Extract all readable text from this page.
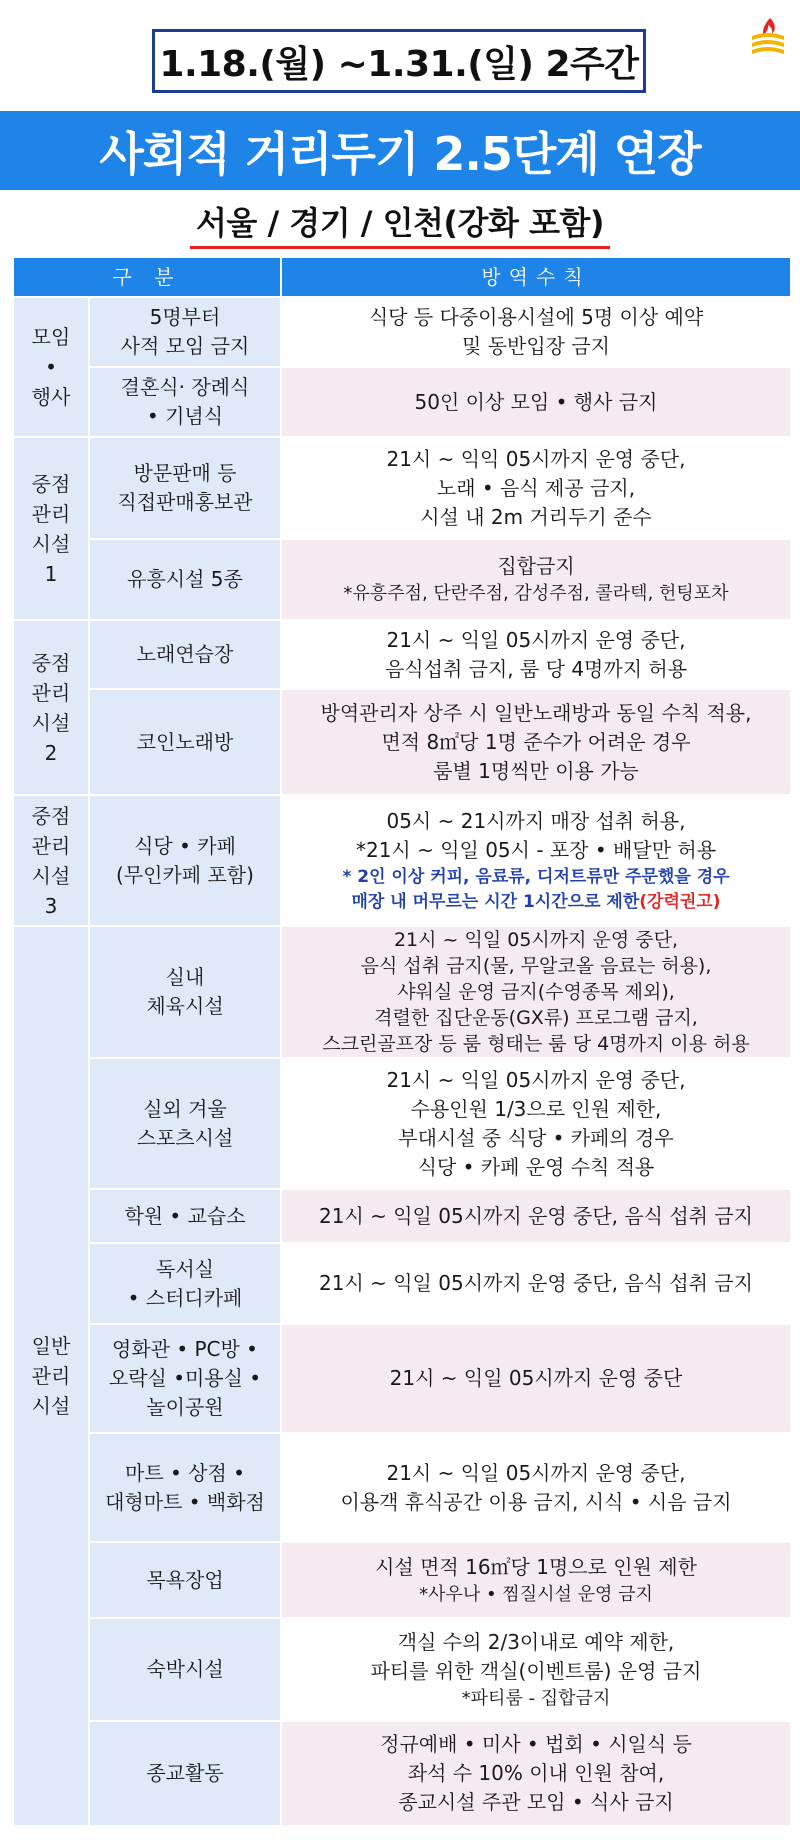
1.18.(월) ~1.31.(일) 2주간
사회적 거리두기 2.5단계 연장
서울 / 경기 / 인천(강화 포함)
구 분	방역수칙
모임
•
행사
중점
관리
시설
1
중점
관리
시설
2
중점
관리
시설
3
일반
관리
시설
5명부터
사적 모임 금지
식당 등 다중이용시설에 5명 이상 예약
및 동반입장 금지
결혼식· 장례식
• 기념식
50인 이상 모임 • 행사 금지
방문판매 등
직접판매홍보관
21시 ~ 익익 05시까지 운영 중단,
노래 • 음식 제공 금지,
시설 내 2m 거리두기 준수
유흥시설 5종
집합금지
*유흥주점, 단란주점, 감성주점, 콜라텍, 헌팅포차
노래연습장
21시 ~ 익일 05시까지 운영 중단,
음식섭취 금지, 룸 당 4명까지 허용
코인노래방
방역관리자 상주 시 일반노래방과 동일 수칙 적용,
면적 8㎡당 1명 준수가 어려운 경우
룸별 1명씩만 이용 가능
식당 • 카페
(무인카페 포함)
05시 ~ 21시까지 매장 섭취 허용,
*21시 ~ 익일 05시 - 포장 • 배달만 허용
* 2인 이상 커피, 음료류, 디저트류만 주문했을 경우
매장 내 머무르는 시간 1시간으로 제한(강력권고)
실내
체육시설
21시 ~ 익일 05시까지 운영 중단,
음식 섭취 금지(물, 무알코올 음료는 허용),
샤워실 운영 금지(수영종목 제외),
격렬한 집단운동(GX류) 프로그램 금지,
스크린골프장 등 룸 형태는 룸 당 4명까지 이용 허용
실외 겨울
스포츠시설
21시 ~ 익일 05시까지 운영 중단,
수용인원 1/3으로 인원 제한,
부대시설 중 식당 • 카페의 경우
식당 • 카페 운영 수칙 적용
학원 • 교습소	21시 ~ 익일 05시까지 운영 중단, 음식 섭취 금지
독서실
• 스터디카페
21시 ~ 익일 05시까지 운영 중단, 음식 섭취 금지
영화관 • PC방 •
오락실 •미용실 •
놀이공원
21시 ~ 익일 05시까지 운영 중단
마트 • 상점 •
대형마트 • 백화점
21시 ~ 익일 05시까지 운영 중단,
이용객 휴식공간 이용 금지, 시식 • 시음 금지
목욕장업
시설 면적 16㎡당 1명으로 인원 제한
*사우나 • 찜질시설 운영 금지
숙박시설
객실 수의 2/3이내로 예약 제한,
파티를 위한 객실(이벤트룸) 운영 금지
*파티룸 - 집합금지
종교활동
정규예배 • 미사 • 법회 • 시일식 등
좌석 수 10% 이내 인원 참여,
종교시설 주관 모임 • 식사 금지
